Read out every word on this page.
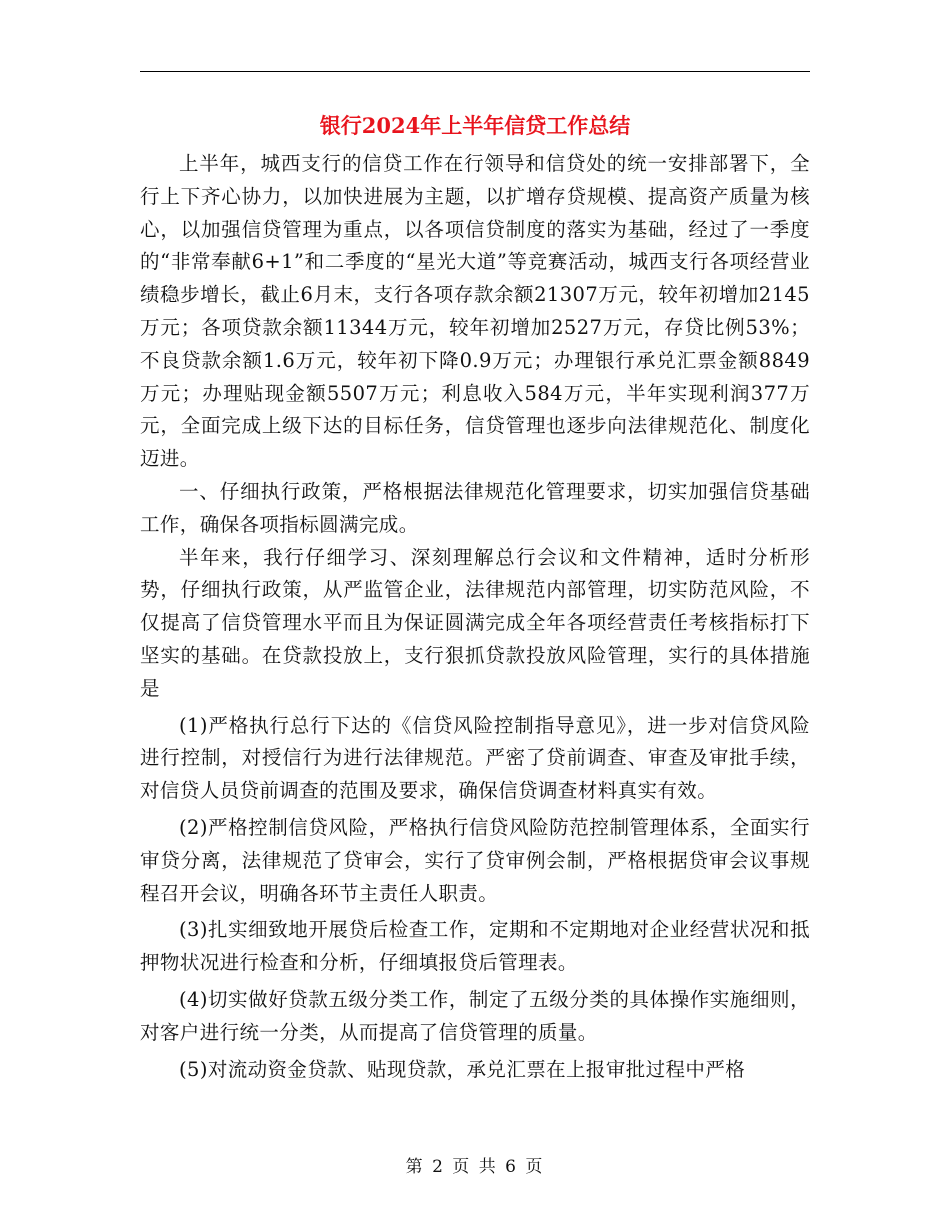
银行2024年上半年信贷工作总结

上半年，城西支行的信贷工作在行领导和信贷处的统一安排部署下，全行上下齐心协力，以加快进展为主题，以扩增存贷规模、提高资产质量为核心，以加强信贷管理为重点，以各项信贷制度的落实为基础，经过了一季度的“非常奉献6+1”和二季度的“星光大道”等竞赛活动，城西支行各项经营业绩稳步增长，截止6月末，支行各项存款余额21307万元，较年初增加2145万元；各项贷款余额11344万元，较年初增加2527万元，存贷比例53%；不良贷款余额1.6万元，较年初下降0.9万元；办理银行承兑汇票金额8849万元；办理贴现金额5507万元；利息收入584万元，半年实现利润377万元，全面完成上级下达的目标任务，信贷管理也逐步向法律规范化、制度化迈进。

一、仔细执行政策，严格根据法律规范化管理要求，切实加强信贷基础工作，确保各项指标圆满完成。

半年来，我行仔细学习、深刻理解总行会议和文件精神，适时分析形势，仔细执行政策，从严监管企业，法律规范内部管理，切实防范风险，不仅提高了信贷管理水平而且为保证圆满完成全年各项经营责任考核指标打下坚实的基础。在贷款投放上，支行狠抓贷款投放风险管理，实行的具体措施是

(1)严格执行总行下达的《信贷风险控制指导意见》，进一步对信贷风险进行控制，对授信行为进行法律规范。严密了贷前调查、审查及审批手续，对信贷人员贷前调查的范围及要求，确保信贷调查材料真实有效。

(2)严格控制信贷风险，严格执行信贷风险防范控制管理体系，全面实行审贷分离，法律规范了贷审会，实行了贷审例会制，严格根据贷审会议事规程召开会议，明确各环节主责任人职责。

(3)扎实细致地开展贷后检查工作，定期和不定期地对企业经营状况和抵押物状况进行检查和分析，仔细填报贷后管理表。

(4)切实做好贷款五级分类工作，制定了五级分类的具体操作实施细则，对客户进行统一分类，从而提高了信贷管理的质量。

(5)对流动资金贷款、贴现贷款，承兑汇票在上报审批过程中严格

第 2 页 共 6 页
